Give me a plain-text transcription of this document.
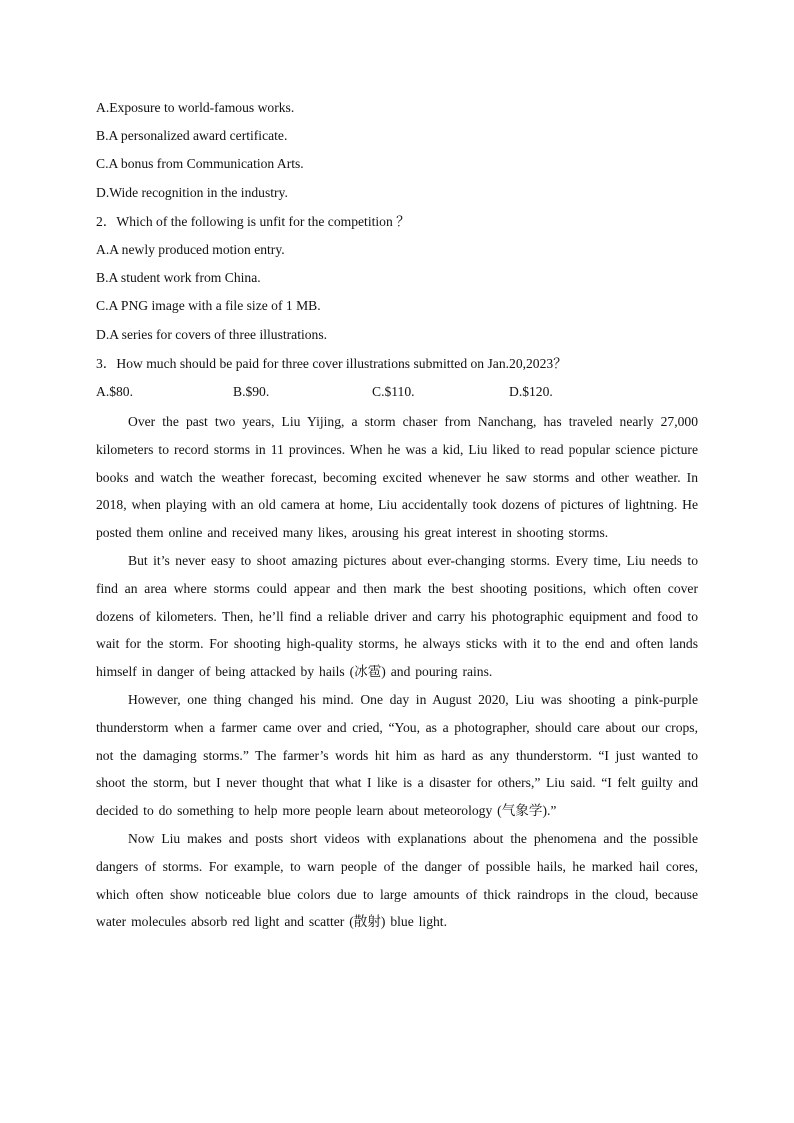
A.Exposure to world-famous works.
B.A personalized award certificate.
C.A bonus from Communication Arts.
D.Wide recognition in the industry.
2．Which of the following is unfit for the competition ？
A.A newly produced motion entry.
B.A student work from China.
C.A PNG image with a file size of 1 MB.
D.A series for covers of three illustrations.
3．How much should be paid for three cover illustrations submitted on Jan.20,2023？
A.$80.	B.$90.	C.$110.	D.$120.

Over the past two years, Liu Yijing, a storm chaser from Nanchang, has traveled nearly 27,000 kilometers to record storms in 11 provinces. When he was a kid, Liu liked to read popular science picture books and watch the weather forecast, becoming excited whenever he saw storms and other weather. In 2018, when playing with an old camera at home, Liu accidentally took dozens of pictures of lightning. He posted them online and received many likes, arousing his great interest in shooting storms.

But it’s never easy to shoot amazing pictures about ever-changing storms. Every time, Liu needs to find an area where storms could appear and then mark the best shooting positions, which often cover dozens of kilometers. Then, he’ll find a reliable driver and carry his photographic equipment and food to wait for the storm. For shooting high-quality storms, he always sticks with it to the end and often lands himself in danger of being attacked by hails (冰雹) and pouring rains.

However, one thing changed his mind. One day in August 2020, Liu was shooting a pink-purple thunderstorm when a farmer came over and cried, “You, as a photographer, should care about our crops, not the damaging storms.” The farmer’s words hit him as hard as any thunderstorm. “I just wanted to shoot the storm, but I never thought that what I like is a disaster for others,” Liu said. “I felt guilty and decided to do something to help more people learn about meteorology (气象学).”

Now Liu makes and posts short videos with explanations about the phenomena and the possible dangers of storms. For example, to warn people of the danger of possible hails, he marked hail cores, which often show noticeable blue colors due to large amounts of thick raindrops in the cloud, because water molecules absorb red light and scatter (散射) blue light.
